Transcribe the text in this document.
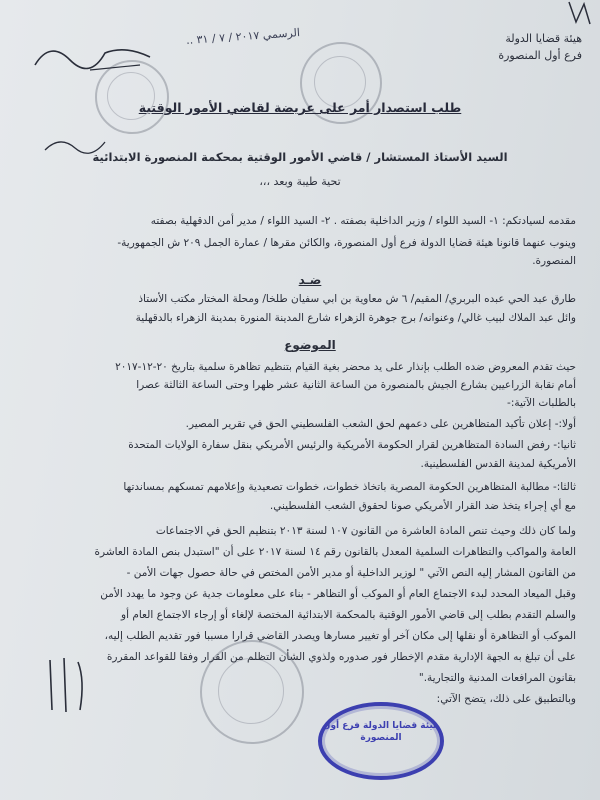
هيئة قضايا الدولة
فرع أول المنصورة
الرسمي ٢٠١٧ / ٧ / ٣١ ..
طلب استصدار أمر على عريضة لقاضي الأمور الوقتية
السيد الأستاذ المستشار / قاضي الأمور الوقتية بمحكمة المنصورة الابتدائية
تحية طيبة وبعد ،،،
مقدمه لسيادتكم: ١- السيد اللواء / وزير الداخلية بصفته . ٢- السيد اللواء / مدير أمن الدقهلية بصفته
وينوب عنهما قانونا هيئة قضايا الدولة فرع أول المنصورة، والكائن مقرها / عمارة الجمل ٢٠٩ ش الجمهورية-
المنصورة.
ضـد
طارق عبد الحي عبده البربري/ المقيم/ ٦ ش معاوية بن ابي سفيان طلخا/ ومحلة المختار مكتب الأستاذ
وائل عبد الملاك لبيب غالي/ وعنوانه/ برج جوهرة الزهراء شارع المدينة المنورة بمدينة الزهراء بالدقهلية
الموضوع
حيث تقدم المعروض ضده الطلب بإنذار على يد محضر بغية القيام بتنظيم تظاهرة سلمية بتاريخ ٢٠-١٢-٢٠١٧
أمام نقابة الزراعيين بشارع الجيش بالمنصورة من الساعة الثانية عشر ظهرا وحتى الساعة الثالثة عصرا
بالطلبات الآتية:-
أولا:- إعلان تأكيد المتظاهرين على دعمهم لحق الشعب الفلسطيني الحق في تقرير المصير.
ثانيا:- رفض السادة المتظاهرين لقرار الحكومة الأمريكية والرئيس الأمريكي بنقل سفارة الولايات المتحدة
الأمريكية لمدينة القدس الفلسطينية.
ثالثا:- مطالبة المتظاهرين الحكومة المصرية باتخاذ خطوات، خطوات تصعيدية وإعلامهم تمسكهم بمساندتها
مع أي إجراء يتخذ ضد القرار الأمريكي صونا لحقوق الشعب الفلسطيني.
ولما كان ذلك وحيث تنص المادة العاشرة من القانون ١٠٧ لسنة ٢٠١٣ بتنظيم الحق في الاجتماعات
العامة والمواكب والتظاهرات السلمية المعدل بالقانون رقم ١٤ لسنة ٢٠١٧ على أن "استبدل بنص المادة العاشرة
من القانون المشار إليه النص الآتي " لوزير الداخلية أو مدير الأمن المختص في حالة حصول جهات الأمن -
وقبل الميعاد المحدد لبدء الاجتماع العام أو الموكب أو التظاهر - بناء على معلومات جدية عن وجود ما يهدد الأمن
والسلم التقدم بطلب إلى قاضي الأمور الوقتية بالمحكمة الابتدائية المختصة لإلغاء أو إرجاء الاجتماع العام أو
الموكب أو التظاهرة أو نقلها إلى مكان آخر أو تغيير مسارها ويصدر القاضي قرارا مسببا فور تقديم الطلب إليه،
على أن تبلغ به الجهة الإدارية مقدم الإخطار فور صدوره ولذوي الشأن التظلم من القرار وفقا للقواعد المقررة
بقانون المرافعات المدنية والتجارية."
وبالتطبيق على ذلك، يتضح الآتي:
هيئة قضايا الدولة فرع أول المنصورة
